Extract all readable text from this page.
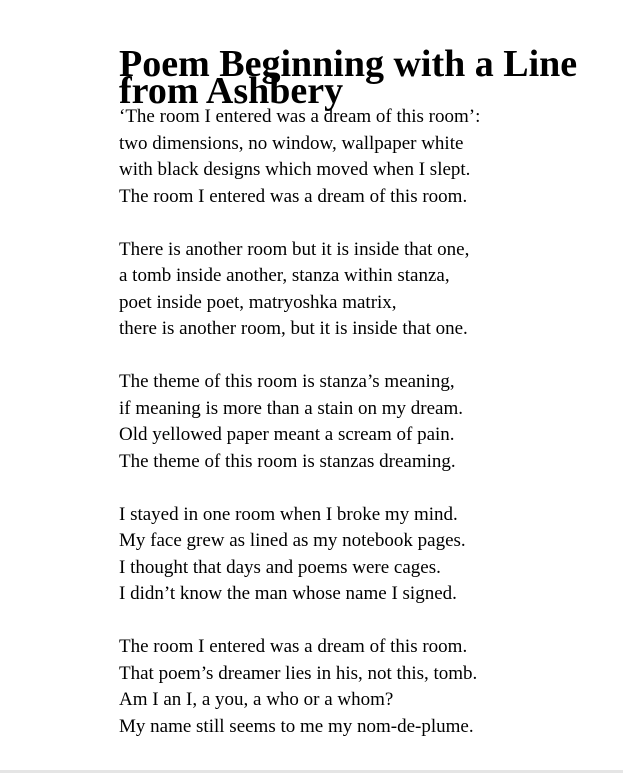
Poem Beginning with a Line from Ashbery

‘The room I entered was a dream of this room’:
two dimensions, no window, wallpaper white
with black designs which moved when I slept.
The room I entered was a dream of this room.

There is another room but it is inside that one,
a tomb inside another, stanza within stanza,
poet inside poet, matryoshka matrix,
there is another room, but it is inside that one.

The theme of this room is stanza’s meaning,
if meaning is more than a stain on my dream.
Old yellowed paper meant a scream of pain.
The theme of this room is stanzas dreaming.

I stayed in one room when I broke my mind.
My face grew as lined as my notebook pages.
I thought that days and poems were cages.
I didn’t know the man whose name I signed.

The room I entered was a dream of this room.
That poem’s dreamer lies in his, not this, tomb.
Am I an I, a you, a who or a whom?
My name still seems to me my nom-de-plume.
